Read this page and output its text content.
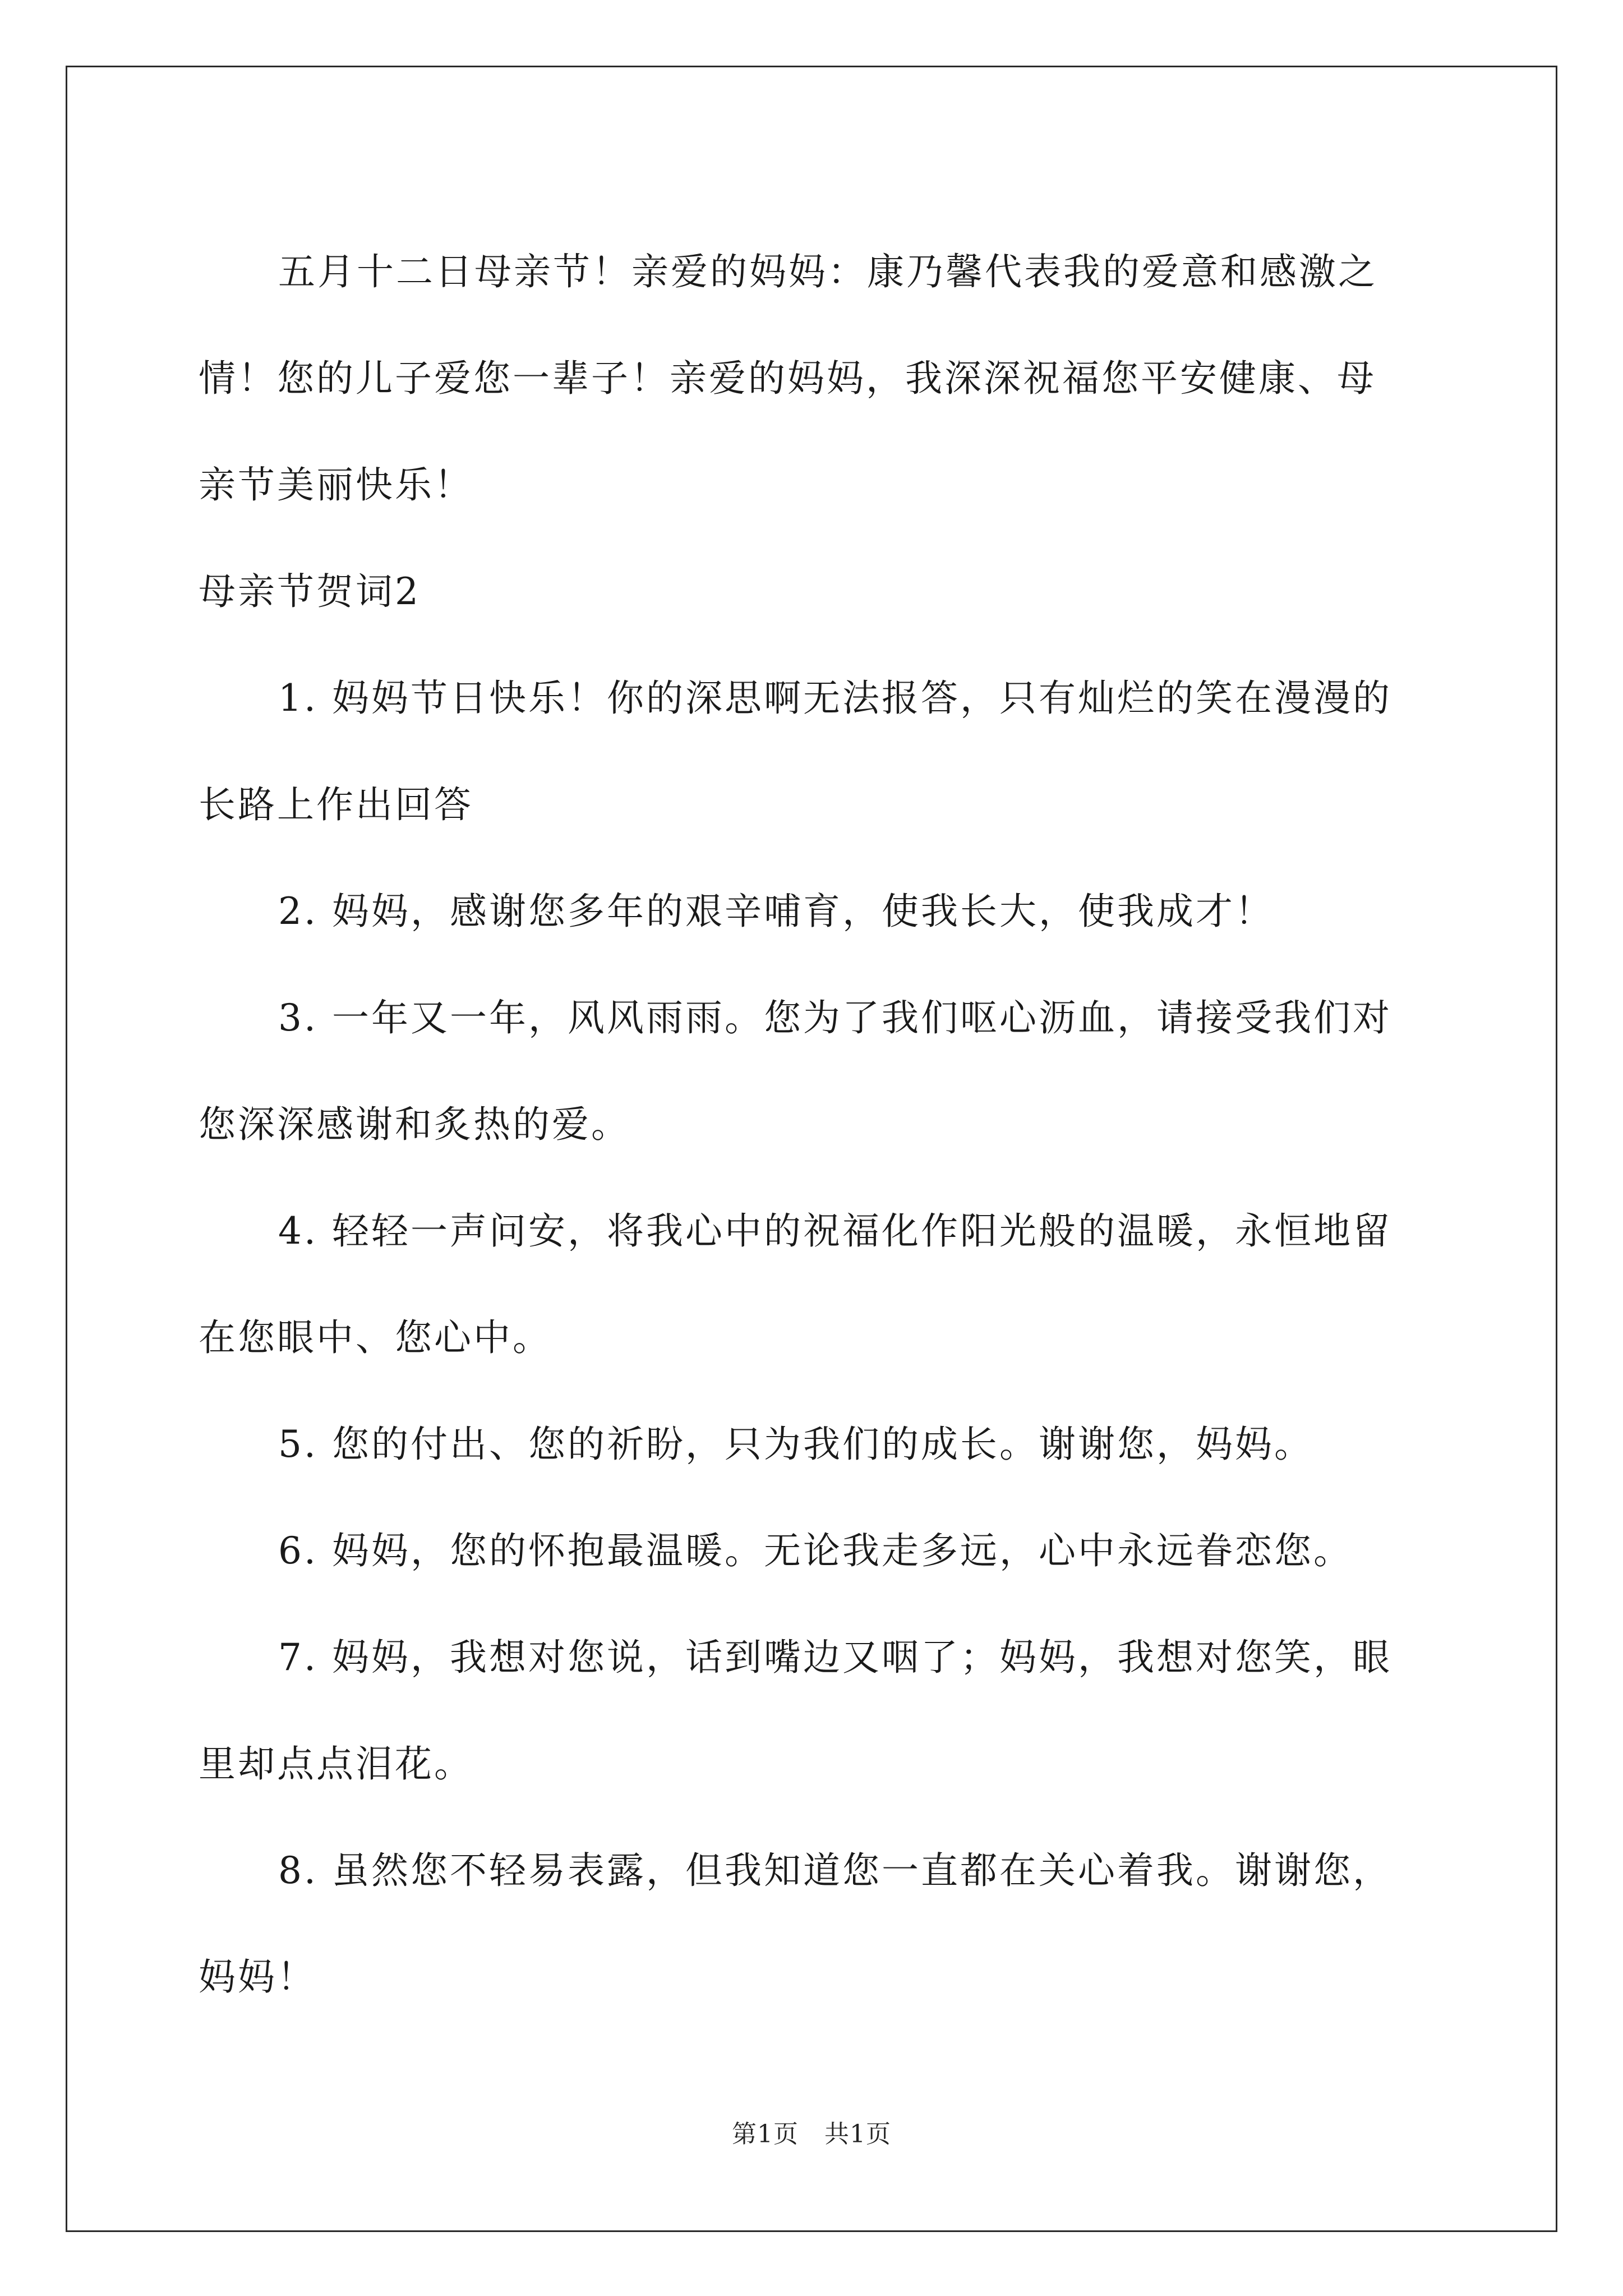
五月十二日母亲节！亲爱的妈妈：康乃馨代表我的爱意和感激之

情！您的儿子爱您一辈子！亲爱的妈妈，我深深祝福您平安健康、母

亲节美丽快乐！

母亲节贺词2

1. 妈妈节日快乐！你的深思啊无法报答，只有灿烂的笑在漫漫的

长路上作出回答

2. 妈妈，感谢您多年的艰辛哺育，使我长大，使我成才！

3. 一年又一年，风风雨雨。您为了我们呕心沥血，请接受我们对

您深深感谢和炙热的爱。

4. 轻轻一声问安，将我心中的祝福化作阳光般的温暖，永恒地留

在您眼中、您心中。

5. 您的付出、您的祈盼，只为我们的成长。谢谢您，妈妈。

6. 妈妈，您的怀抱最温暖。无论我走多远，心中永远眷恋您。

7. 妈妈，我想对您说，话到嘴边又咽了；妈妈，我想对您笑，眼

里却点点泪花。

8. 虽然您不轻易表露，但我知道您一直都在关心着我。谢谢您，

妈妈！

第1页 共1页
